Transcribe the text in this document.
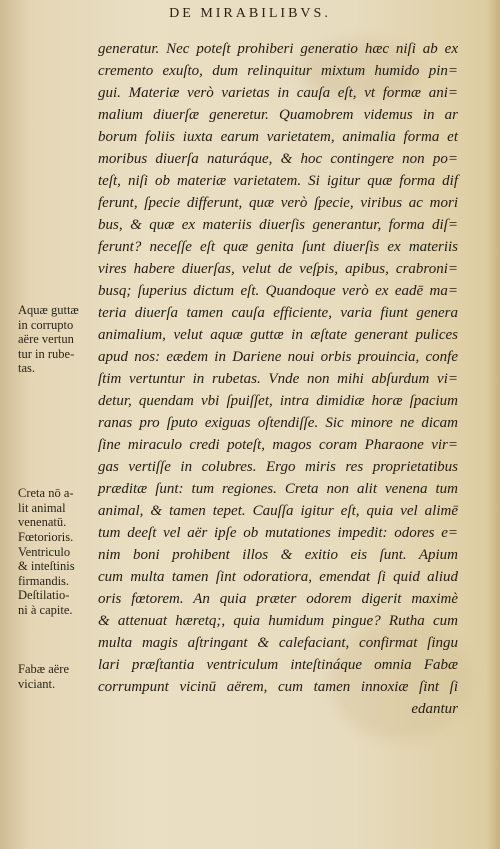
DE MIRABILIBVS.
generatur. Nec poteſt prohiberi generatio hæc niſi ab ex
cremento exuſto, dum relinquitur mixtum humido pin=
gui. Materiæ verò varietas in cauſa eſt, vt formæ ani=
malium diuerſæ generetur. Quamobrem videmus in ar
borum foliis iuxta earum varietatem, animalia forma et
moribus diuerſa naturáque, & hoc contingere non po=
teſt, niſi ob materiæ varietatem. Si igitur quæ forma dif
ferunt, ſpecie differunt, quæ verò ſpecie, viribus ac mori
bus, & quæ ex materiis diuerſis generantur, forma diſ=
ferunt? neceſſe eſt quæ genita ſunt diuerſis ex materiis
vires habere diuerſas, velut de veſpis, apibus, crabroni=
busq; ſuperius dictum eſt. Quandoque verò ex eadē ma=
teria diuerſa tamen cauſa efficiente, varia fiunt genera
animalium, velut aquæ guttæ in æſtate generant pulices
apud nos: eædem in Dariene noui orbis prouincia, confe
ſtim vertuntur in rubetas. Vnde non mihi abſurdum vi=
detur, quendam vbi ſpuiſſet, intra dimidiæ horæ ſpacium
ranas pro ſputo exiguas oſtendiſſe. Sic minore ne dicam
ſine miraculo credi poteſt, magos coram Pharaone vir=
gas vertiſſe in colubres. Ergo miris res proprietatibus
præditæ ſunt: tum regiones. Creta non alit venena tum
animal, & tamen tepet. Cauſſa igitur eſt, quia vel alimē
tum deeſt vel aër ipſe ob mutationes impedit: odores e=
nim boni prohibent illos & exitio eis ſunt. Apium
cum multa tamen ſint odoratiora, emendat ſi quid aliud
oris fœtorem. An quia præter odorem digerit maximè
& attenuat hæretq;, quia humidum pingue? Rutha cum
multa magis aſtringant & calefaciant, confirmat ſingu
lari præſtantia ventriculum inteſtináque omnia Fabæ
corrumpunt vicinū aërem, cum tamen innoxiæ ſint ſi
edantur
Aquæ guttæ
in corrupto
aëre vertun
tur in rube-
tas.
Creta nō a-
lit animal
venenatū.
Fœtorioris.
Ventriculo
& inteſtinis
firmandis.
Deſtilatio-
ni à capite.
Fabæ aëre
viciant.
